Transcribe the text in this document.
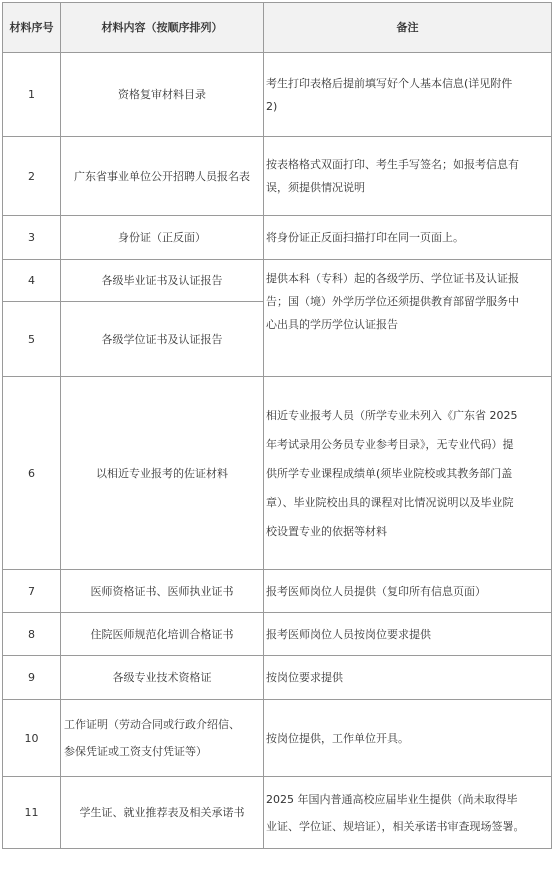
材料序号	材料内容（按顺序排列）	备注
1	资格复审材料目录	考生打印表格后提前填写好个人基本信息(详见附件
2)
2	广东省事业单位公开招聘人员报名表	按表格格式双面打印、考生手写签名；如报考信息有
误，须提供情况说明
3	身份证（正反面）	将身份证正反面扫描打印在同一页面上。
4	各级毕业证书及认证报告	提供本科（专科）起的各级学历、学位证书及认证报
告；国（境）外学历学位还须提供教育部留学服务中
心出具的学历学位认证报告
5	各级学位证书及认证报告	
6	以相近专业报考的佐证材料	相近专业报考人员（所学专业未列入《广东省 2025
年考试录用公务员专业参考目录》，无专业代码）提
供所学专业课程成绩单(须毕业院校或其教务部门盖
章）、毕业院校出具的课程对比情况说明以及毕业院
校设置专业的依据等材料
7	医师资格证书、医师执业证书	报考医师岗位人员提供（复印所有信息页面）
8	住院医师规范化培训合格证书	报考医师岗位人员按岗位要求提供
9	各级专业技术资格证	按岗位要求提供
10	工作证明（劳动合同或行政介绍信、
参保凭证或工资支付凭证等）	按岗位提供，工作单位开具。
11	学生证、就业推荐表及相关承诺书	2025 年国内普通高校应届毕业生提供（尚未取得毕
业证、学位证、规培证），相关承诺书审查现场签署。
